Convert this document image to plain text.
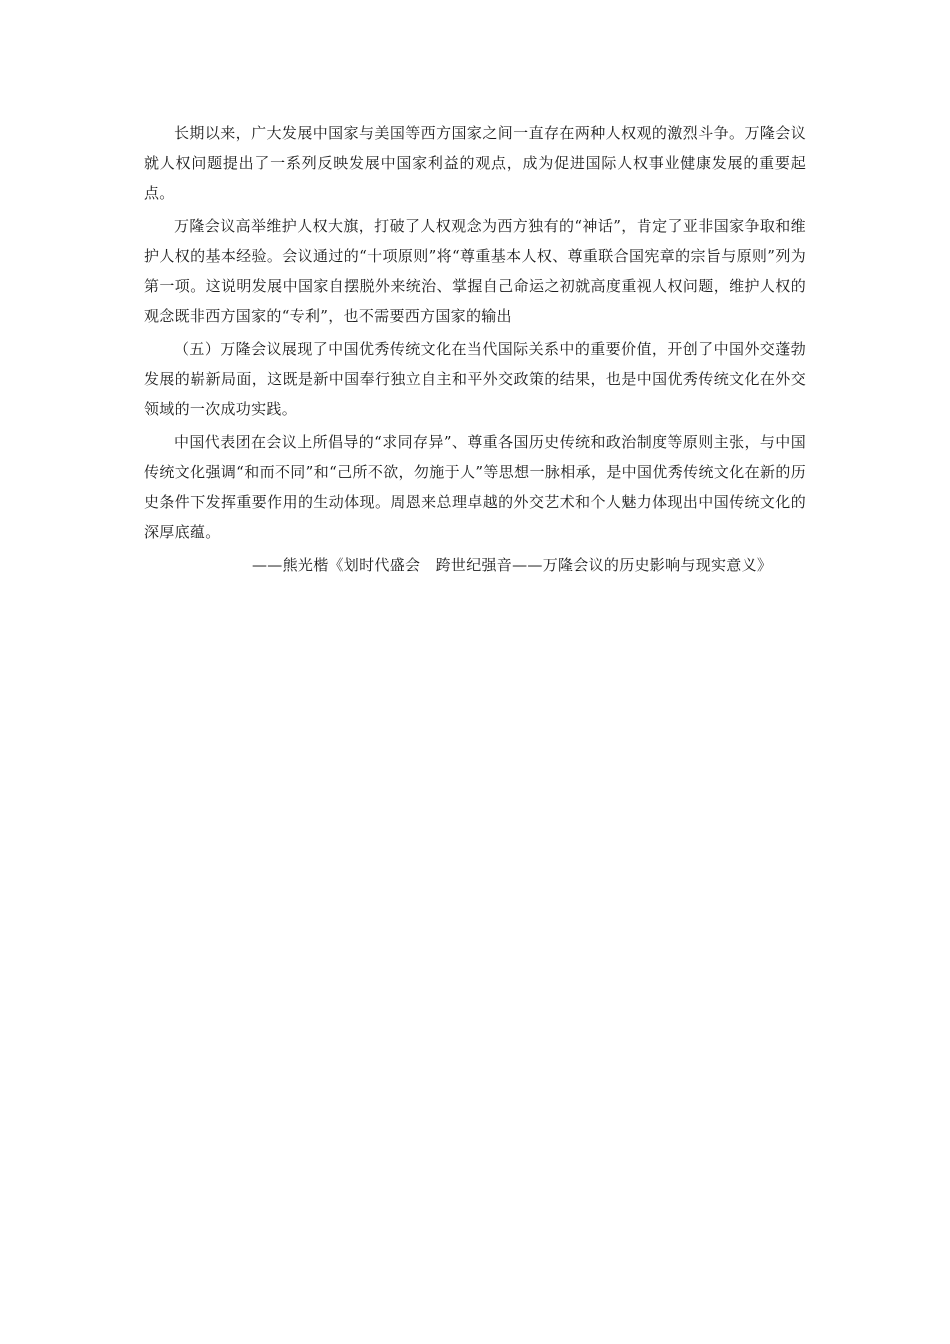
长期以来，广大发展中国家与美国等西方国家之间一直存在两种人权观的激烈斗争。万隆会议就人权问题提出了一系列反映发展中国家利益的观点，成为促进国际人权事业健康发展的重要起点。

万隆会议高举维护人权大旗，打破了人权观念为西方独有的“神话”，肯定了亚非国家争取和维护人权的基本经验。会议通过的“十项原则”将“尊重基本人权、尊重联合国宪章的宗旨与原则”列为第一项。这说明发展中国家自摆脱外来统治、掌握自己命运之初就高度重视人权问题，维护人权的观念既非西方国家的“专利”，也不需要西方国家的输出

（五）万隆会议展现了中国优秀传统文化在当代国际关系中的重要价值，开创了中国外交蓬勃发展的崭新局面，这既是新中国奉行独立自主和平外交政策的结果，也是中国优秀传统文化在外交领域的一次成功实践。

中国代表团在会议上所倡导的“求同存异”、尊重各国历史传统和政治制度等原则主张，与中国传统文化强调“和而不同”和“己所不欲，勿施于人”等思想一脉相承，是中国优秀传统文化在新的历史条件下发挥重要作用的生动体现。周恩来总理卓越的外交艺术和个人魅力体现出中国传统文化的深厚底蕴。

——熊光楷《划时代盛会　跨世纪强音——万隆会议的历史影响与现实意义》
